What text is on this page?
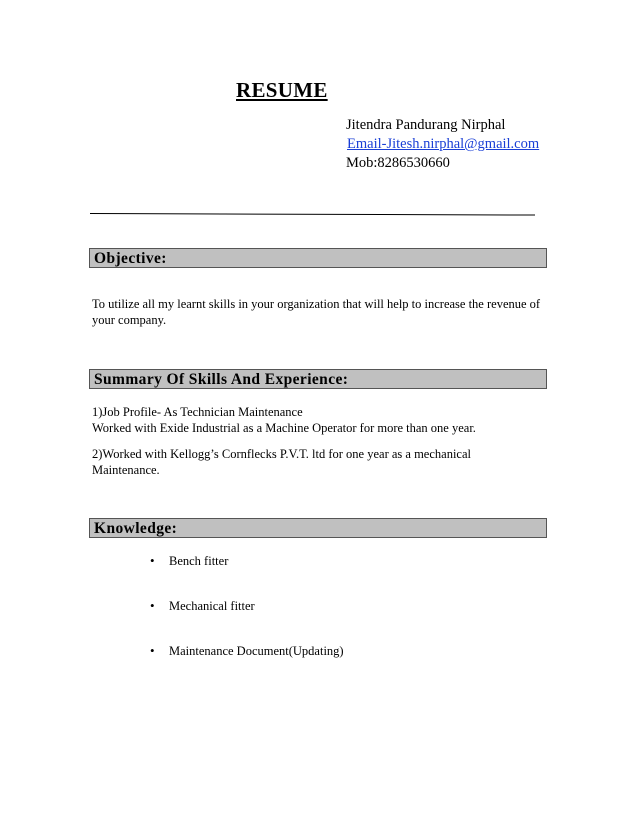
RESUME
Jitendra Pandurang Nirphal
Email-Jitesh.nirphal@gmail.com
Mob:8286530660
Objective:
To utilize all my learnt skills in your organization that will help to increase the revenue of your company.
Summary Of Skills And Experience:
1)Job Profile- As Technician Maintenance
Worked with Exide Industrial as a Machine Operator for more than one year.
2)Worked with Kellogg’s Cornflecks P.V.T. ltd for one year as a mechanical
Maintenance.
Knowledge:
• Bench fitter
• Mechanical fitter
• Maintenance Document(Updating)
